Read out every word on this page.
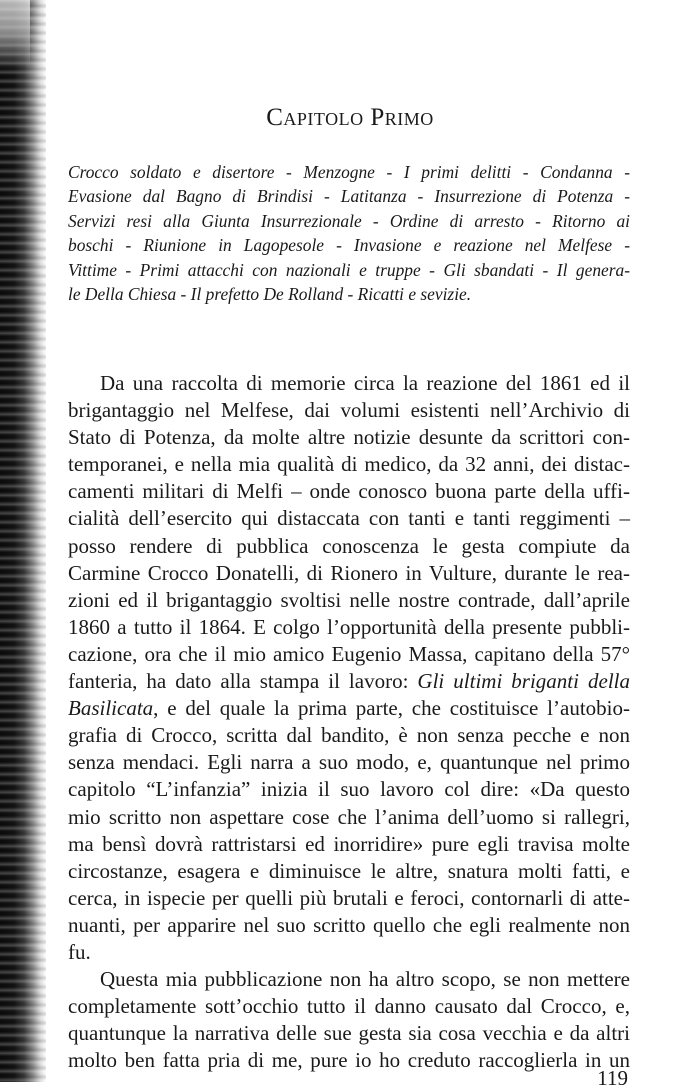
Capitolo Primo
Crocco soldato e disertore - Menzogne - I primi delitti - Condanna -
Evasione dal Bagno di Brindisi - Latitanza - Insurrezione di Potenza -
Servizi resi alla Giunta Insurrezionale - Ordine di arresto - Ritorno ai
boschi - Riunione in Lagopesole - Invasione e reazione nel Melfese -
Vittime - Primi attacchi con nazionali e truppe - Gli sbandati - Il genera-
le Della Chiesa - Il prefetto De Rolland - Ricatti e sevizie.
Da una raccolta di memorie circa la reazione del 1861 ed il
brigantaggio nel Melfese, dai volumi esistenti nell’Archivio di
Stato di Potenza, da molte altre notizie desunte da scrittori con-
temporanei, e nella mia qualità di medico, da 32 anni, dei distac-
camenti militari di Melfi – onde conosco buona parte della uffi-
cialità dell’esercito qui distaccata con tanti e tanti reggimenti –
posso rendere di pubblica conoscenza le gesta compiute da
Carmine Crocco Donatelli, di Rionero in Vulture, durante le rea-
zioni ed il brigantaggio svoltisi nelle nostre contrade, dall’aprile
1860 a tutto il 1864. E colgo l’opportunità della presente pubbli-
cazione, ora che il mio amico Eugenio Massa, capitano della 57°
fanteria, ha dato alla stampa il lavoro: Gli ultimi briganti della
Basilicata, e del quale la prima parte, che costituisce l’autobio-
grafia di Crocco, scritta dal bandito, è non senza pecche e non
senza mendaci. Egli narra a suo modo, e, quantunque nel primo
capitolo “L’infanzia” inizia il suo lavoro col dire: «Da questo
mio scritto non aspettare cose che l’anima dell’uomo si rallegri,
ma bensì dovrà rattristarsi ed inorridire» pure egli travisa molte
circostanze, esagera e diminuisce le altre, snatura molti fatti, e
cerca, in ispecie per quelli più brutali e feroci, contornarli di atte-
nuanti, per apparire nel suo scritto quello che egli realmente non
fu.
Questa mia pubblicazione non ha altro scopo, se non mettere
completamente sott’occhio tutto il danno causato dal Crocco, e,
quantunque la narrativa delle sue gesta sia cosa vecchia e da altri
molto ben fatta pria di me, pure io ho creduto raccoglierla in un

119
